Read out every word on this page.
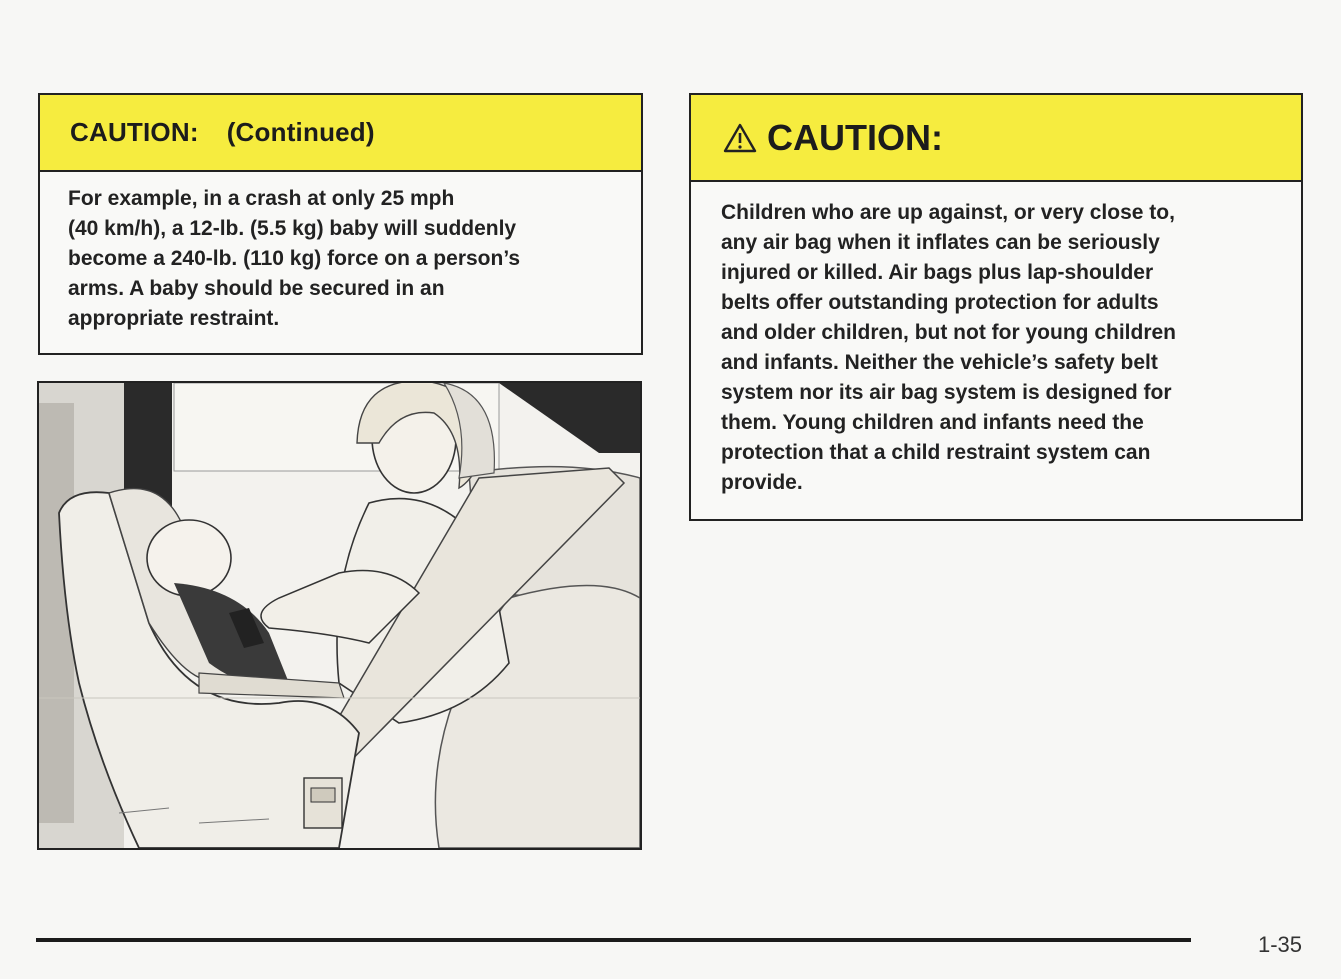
CAUTION: (Continued)
For example, in a crash at only 25 mph
(40 km/h), a 12-lb. (5.5 kg) baby will suddenly
become a 240-lb. (110 kg) force on a person’s
arms. A baby should be secured in an
appropriate restraint.
CAUTION:
Children who are up against, or very close to,
any air bag when it inflates can be seriously
injured or killed. Air bags plus lap-shoulder
belts offer outstanding protection for adults
and older children, but not for young children
and infants. Neither the vehicle’s safety belt
system nor its air bag system is designed for
them. Young children and infants need the
protection that a child restraint system can
provide.
1-35
